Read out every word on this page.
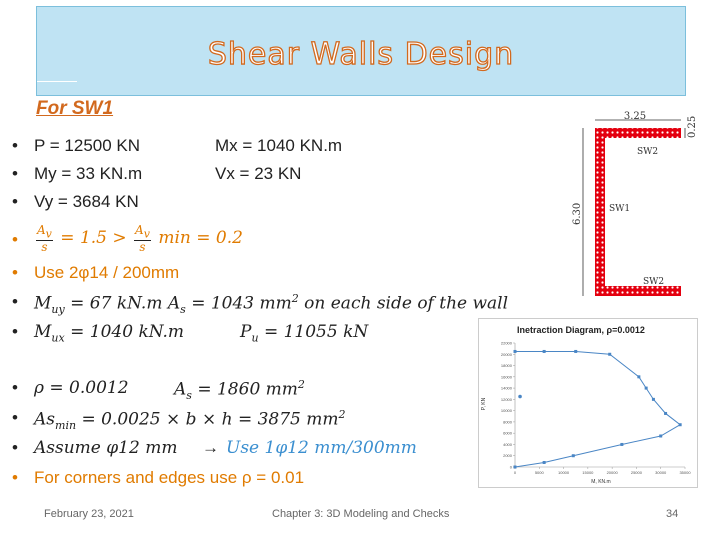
Shear Walls Design
For SW1
• P = 12500 KN	Mx = 1040 KN.m
• My = 33 KN.m	Vx = 23 KN
• Vy = 3684 KN
• $\frac{A_v}{s} = 1.5 > \frac{A_v}{s}$ min = 0.2
• Use 2φ14 / 200mm
• $M_{uy} = 67$ kN.m $A_s = 1043$ $mm^2$ on each side of the wall
• $M_{ux} = 1040$ kN.m	$P_u = 11055$ kN
• ρ = 0.0012	$A_s = 1860$ $mm^2$
• $As_{min} = 0.0025 \times b \times h = 3875$ $mm^2$
• Assume φ12 mm → Use 1φ12 mm/300mm
• For corners and edges use ρ = 0.01
3.25	0.25
6.30
SW2
SW1
SW2
Inetraction Diagram, ρ=0.0012
M, KN.m
P, KN
0
2000
4000
6000
8000
10000
12000
14000
16000
18000
20000
22000
0	5000	10000	15000	20000	25000	30000	35000
February 23, 2021	Chapter 3: 3D Modeling and Checks	34
